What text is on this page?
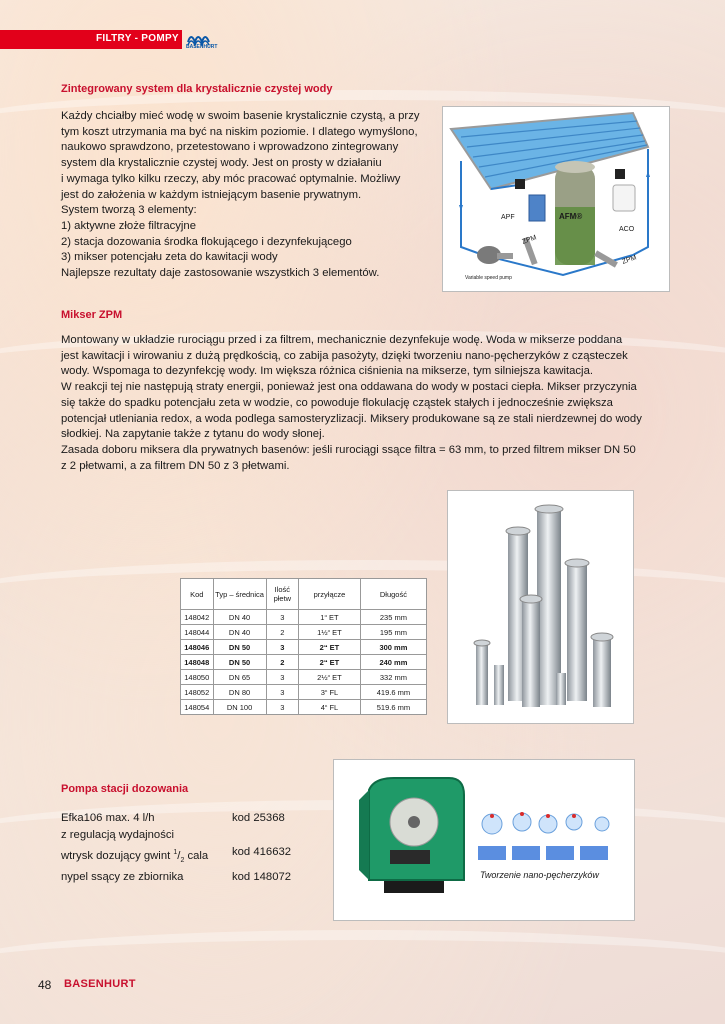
FILTRY - POMPY
BASENHURT
Zintegrowany system dla krystalicznie czystej wody

Każdy chciałby mieć wodę w swoim basenie krystalicznie czystą, a przy

tym koszt utrzymania ma być na niskim poziomie. I dlatego wymyślono,

naukowo sprawdzono, przetestowano i wprowadzono zintegrowany

system dla krystalicznie czystej wody. Jest on prosty w działaniu

i wymaga tylko kilku rzeczy, aby móc pracować optymalnie. Możliwy

jest do założenia w każdym istniejącym basenie prywatnym.

System tworzą 3 elementy:

1) aktywne złoże filtracyjne

2) stacja dozowania środka flokującego i dezynfekującego

3) mikser potencjału zeta do kawitacji wody

Najlepsze rezultaty daje zastosowanie wszystkich 3 elementów.

APF	AFM®
ACO
ZPM
ZPM
Variable speed pump
Mikser ZPM

Montowany w układzie rurociągu przed i za filtrem, mechanicznie dezynfekuje wodę. Woda w mikserze poddana

jest kawitacji i wirowaniu z dużą prędkością, co zabija pasożyty, dzięki tworzeniu nano-pęcherzyków z cząsteczek

wody. Wspomaga to dezynfekcję wody. Im większa różnica ciśnienia na mikserze, tym silniejsza kawitacja.

W reakcji tej nie następują straty energii, ponieważ jest ona oddawana do wody w postaci ciepła. Mikser przyczynia

się także do spadku potencjału zeta w wodzie, co powoduje flokulację cząstek stałych i jednocześnie zwiększa

potencjał utleniania redox, a woda podlega samosteryzlizacji. Miksery produkowane są ze stali nierdzewnej do wody

słodkiej. Na zapytanie także z tytanu do wody słonej.

Zasada doboru miksera dla prywatnych basenów: jeśli rurociągi ssące filtra = 63 mm, to przed filtrem mikser DN 50

z 2 płetwami, a za filtrem DN 50 z 3 płetwami.

Kod	Typ – średnica	Ilość płetw	przyłącze	Długość
148042	DN 40	3	1“ ET	235 mm
148044	DN 40	2	1½“ ET	195 mm
148046	DN 50	3	2“ ET	300 mm
148048	DN 50	2	2“ ET	240 mm
148050	DN 65	3	2½“ ET	332 mm
148052	DN 80	3	3“ FL	419.6 mm
148054	DN 100	3	4“ FL	519.6 mm
Pompa stacji dozowania
Efka106 max. 4 l/h	kod 25368
z regulacją wydajności
wtrysk dozujący gwint $^1/_2$ cala	kod 416632
nypel ssący ze zbiornika	kod 148072	Tworzenie nano-pęcherzyków
48 BASENHURT
